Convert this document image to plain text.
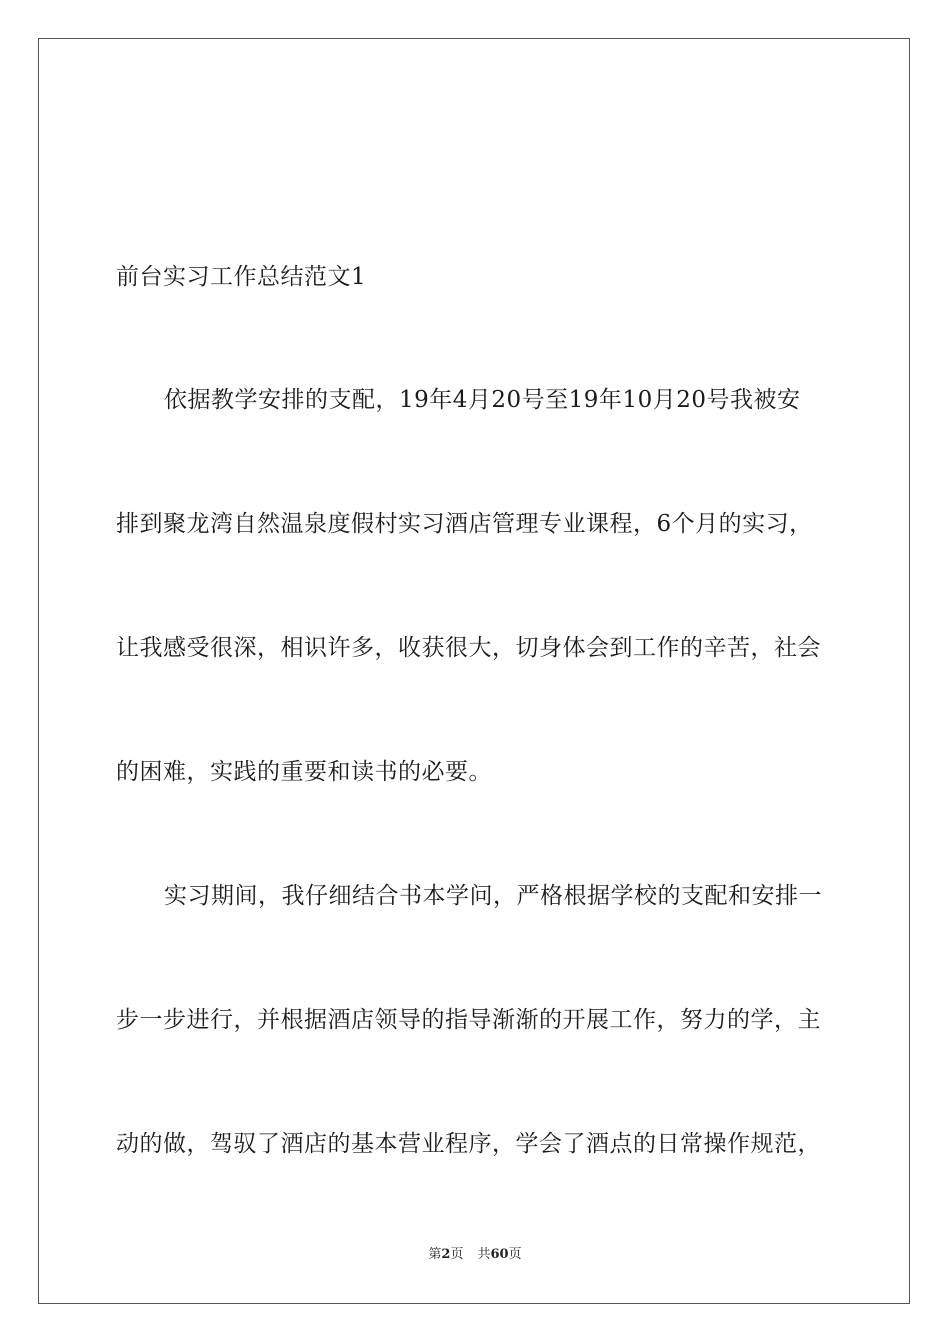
前台实习工作总结范文1
依据教学安排的支配，19年4月20号至19年10月20号我被安
排到聚龙湾自然温泉度假村实习酒店管理专业课程，6个月的实习，
让我感受很深，相识许多，收获很大，切身体会到工作的辛苦，社会
的困难，实践的重要和读书的必要。
实习期间，我仔细结合书本学问，严格根据学校的支配和安排一
步一步进行，并根据酒店领导的指导渐渐的开展工作，努力的学，主
动的做，驾驭了酒店的基本营业程序，学会了酒点的日常操作规范，
第2页 共60页
